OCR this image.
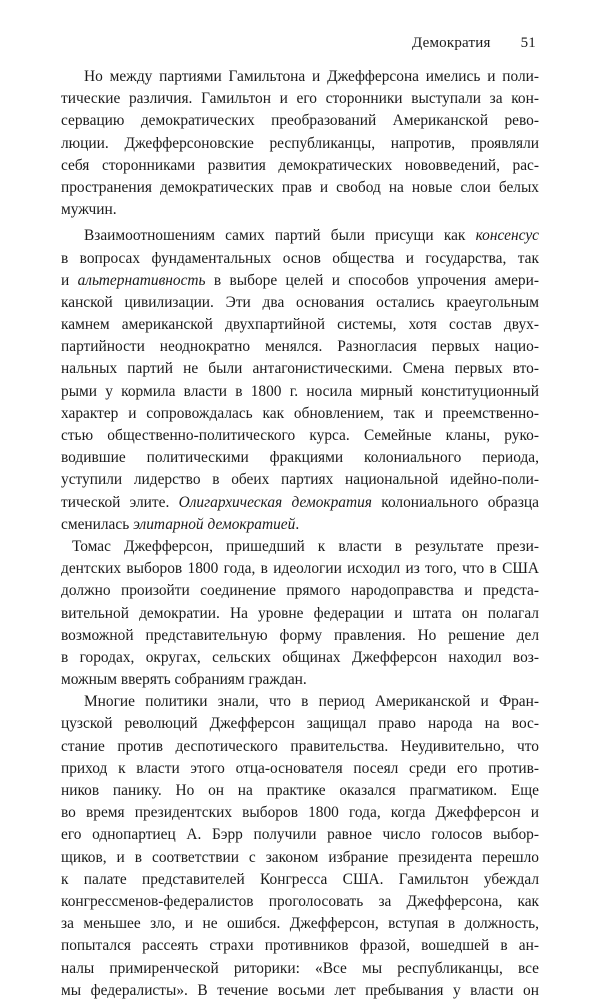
Демократия 51
Но между партиями Гамильтона и Джефферсона имелись и поли-
тические различия. Гамильтон и его сторонники выступали за кон-
сервацию демократических преобразований Американской рево-
люции. Джефферсоновские республиканцы, напротив, проявляли
себя сторонниками развития демократических нововведений, рас-
пространения демократических прав и свобод на новые слои белых
мужчин.
Взаимоотношениям самих партий были присущи как консенсус
в вопросах фундаментальных основ общества и государства, так
и альтернативность в выборе целей и способов упрочения амери-
канской цивилизации. Эти два основания остались краеугольным
камнем американской двухпартийной системы, хотя состав двух-
партийности неоднократно менялся. Разногласия первых нацио-
нальных партий не были антагонистическими. Смена первых вто-
рыми у кормила власти в 1800 г. носила мирный конституционный
характер и сопровождалась как обновлением, так и преемственно-
стью общественно-политического курса. Семейные кланы, руко-
водившие политическими фракциями колониального периода,
уступили лидерство в обеих партиях национальной идейно-поли-
тической элите. Олигархическая демократия колониального образца
сменилась элитарной демократией.
Томас Джефферсон, пришедший к власти в результате прези-
дентских выборов 1800 года, в идеологии исходил из того, что в США
должно произойти соединение прямого народоправства и предста-
вительной демократии. На уровне федерации и штата он полагал
возможной представительную форму правления. Но решение дел
в городах, округах, сельских общинах Джефферсон находил воз-
можным вверять собраниям граждан.
Многие политики знали, что в период Американской и Фран-
цузской революций Джефферсон защищал право народа на вос-
стание против деспотического правительства. Неудивительно, что
приход к власти этого отца-основателя посеял среди его против-
ников панику. Но он на практике оказался прагматиком. Еще
во время президентских выборов 1800 года, когда Джефферсон и
его однопартиец А. Бэрр получили равное число голосов выбор-
щиков, и в соответствии с законом избрание президента перешло
к палате представителей Конгресса США. Гамильтон убеждал
конгрессменов-федералистов проголосовать за Джефферсона, как
за меньшее зло, и не ошибся. Джефферсон, вступая в должность,
попытался рассеять страхи противников фразой, вошедшей в ан-
налы примиренческой риторики: «Все мы республиканцы, все
мы федералисты». В течение восьми лет пребывания у власти он
